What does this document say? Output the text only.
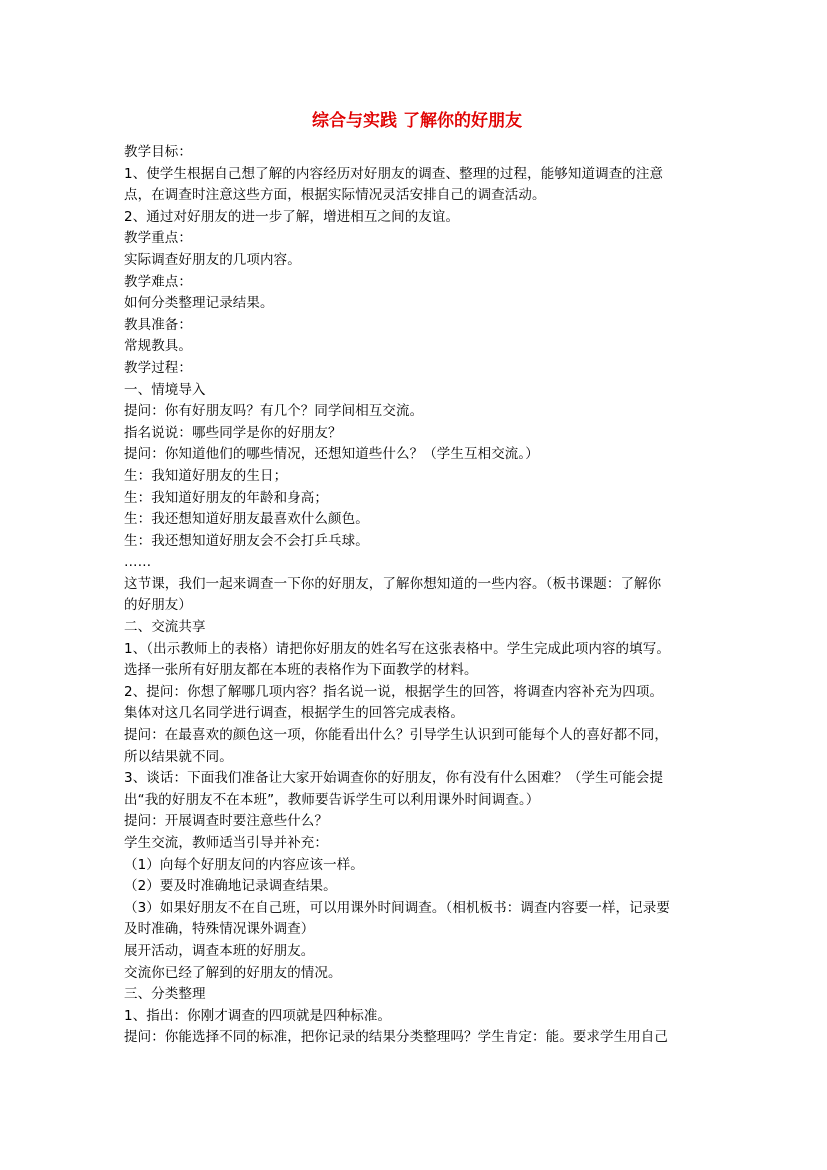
综合与实践 了解你的好朋友
教学目标：
1、使学生根据自己想了解的内容经历对好朋友的调查、整理的过程，能够知道调查的注意
点，在调查时注意这些方面，根据实际情况灵活安排自己的调查活动。
2、通过对好朋友的进一步了解，增进相互之间的友谊。
教学重点：
实际调查好朋友的几项内容。
教学难点：
如何分类整理记录结果。
教具准备：
常规教具。
教学过程：
一、情境导入
提问：你有好朋友吗？有几个？同学间相互交流。
指名说说：哪些同学是你的好朋友？
提问：你知道他们的哪些情况，还想知道些什么？（学生互相交流。）
生：我知道好朋友的生日；
生：我知道好朋友的年龄和身高；
生：我还想知道好朋友最喜欢什么颜色。
生：我还想知道好朋友会不会打乒乓球。
……
这节课，我们一起来调查一下你的好朋友，了解你想知道的一些内容。（板书课题：了解你
的好朋友）
二、交流共享
1、（出示教师上的表格）请把你好朋友的姓名写在这张表格中。学生完成此项内容的填写。
选择一张所有好朋友都在本班的表格作为下面教学的材料。
2、提问：你想了解哪几项内容？指名说一说，根据学生的回答，将调查内容补充为四项。
集体对这几名同学进行调查，根据学生的回答完成表格。
提问：在最喜欢的颜色这一项，你能看出什么？引导学生认识到可能每个人的喜好都不同，
所以结果就不同。
3、谈话：下面我们准备让大家开始调查你的好朋友，你有没有什么困难？（学生可能会提
出“我的好朋友不在本班”，教师要告诉学生可以利用课外时间调查。）
提问：开展调查时要注意些什么？
学生交流，教师适当引导并补充：
（1）向每个好朋友问的内容应该一样。
（2）要及时准确地记录调查结果。
（3）如果好朋友不在自己班，可以用课外时间调查。（相机板书：调查内容要一样，记录要
及时准确，特殊情况课外调查）
展开活动，调查本班的好朋友。
交流你已经了解到的好朋友的情况。
三、分类整理
1、指出：你刚才调查的四项就是四种标准。
提问：你能选择不同的标准，把你记录的结果分类整理吗？学生肯定：能。要求学生用自己
